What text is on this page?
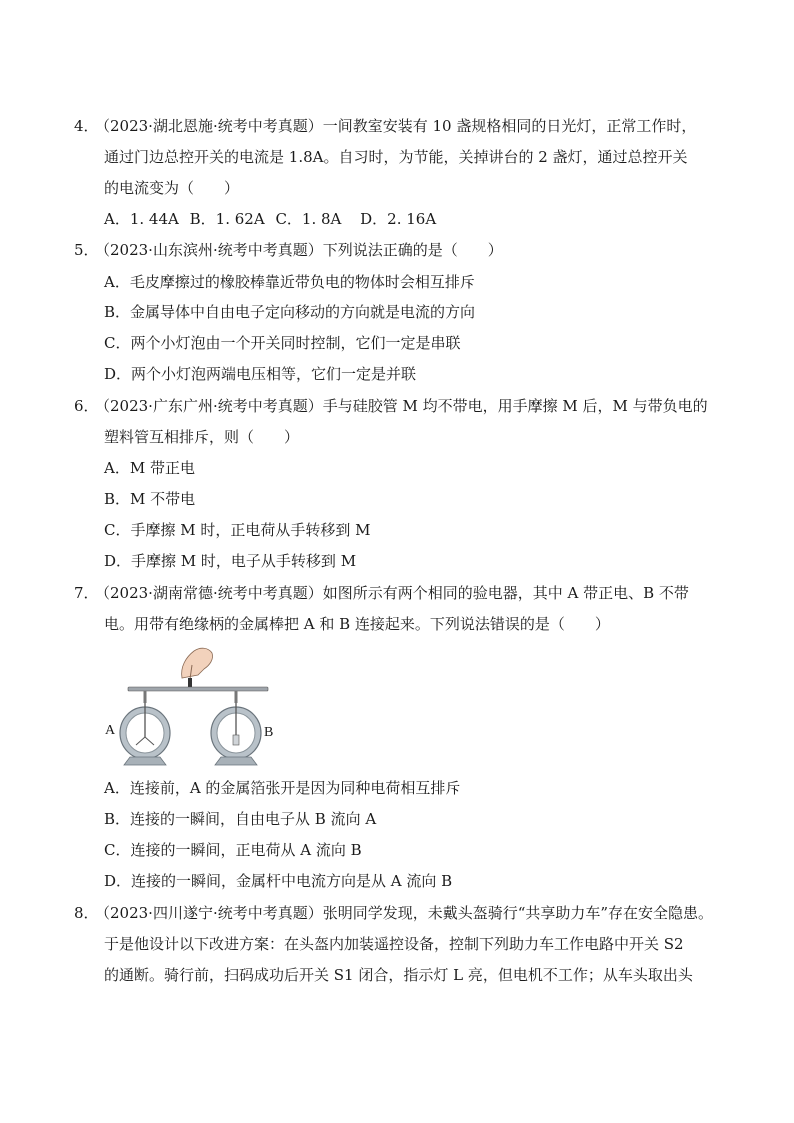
4．
（2023·湖北恩施·统考中考真题）一间教室安装有 10 盏规格相同的日光灯，正常工作时，
通过门边总控开关的电流是 1.8A。自习时，为节能，关掉讲台的 2 盏灯，通过总控开关
的电流变为（　　）
A．1. 44A B．1. 62A C．1. 8A D．2. 16A
5．
（2023·山东滨州·统考中考真题）下列说法正确的是（　　）
A．毛皮摩擦过的橡胶棒靠近带负电的物体时会相互排斥
B．金属导体中自由电子定向移动的方向就是电流的方向
C．两个小灯泡由一个开关同时控制，它们一定是串联
D．两个小灯泡两端电压相等，它们一定是并联
6．
（2023·广东广州·统考中考真题）手与硅胶管 M 均不带电，用手摩擦 M 后，M 与带负电的
塑料管互相排斥，则（　　）
A．M 带正电
B．M 不带电
C．手摩擦 M 时，正电荷从手转移到 M
D．手摩擦 M 时，电子从手转移到 M
7．
（2023·湖南常德·统考中考真题）如图所示有两个相同的验电器，其中 A 带正电、B 不带
电。用带有绝缘柄的金属棒把 A 和 B 连接起来。下列说法错误的是（　　）
A	B
A．连接前，A 的金属箔张开是因为同种电荷相互排斥
B．连接的一瞬间，自由电子从 B 流向 A
C．连接的一瞬间，正电荷从 A 流向 B
D．连接的一瞬间，金属杆中电流方向是从 A 流向 B
8．
（2023·四川遂宁·统考中考真题）张明同学发现，未戴头盔骑行“共享助力车”存在安全隐患。
于是他设计以下改进方案：在头盔内加装遥控设备，控制下列助力车工作电路中开关 S2
的通断。骑行前，扫码成功后开关 S1 闭合，指示灯 L 亮，但电机不工作；从车头取出头
